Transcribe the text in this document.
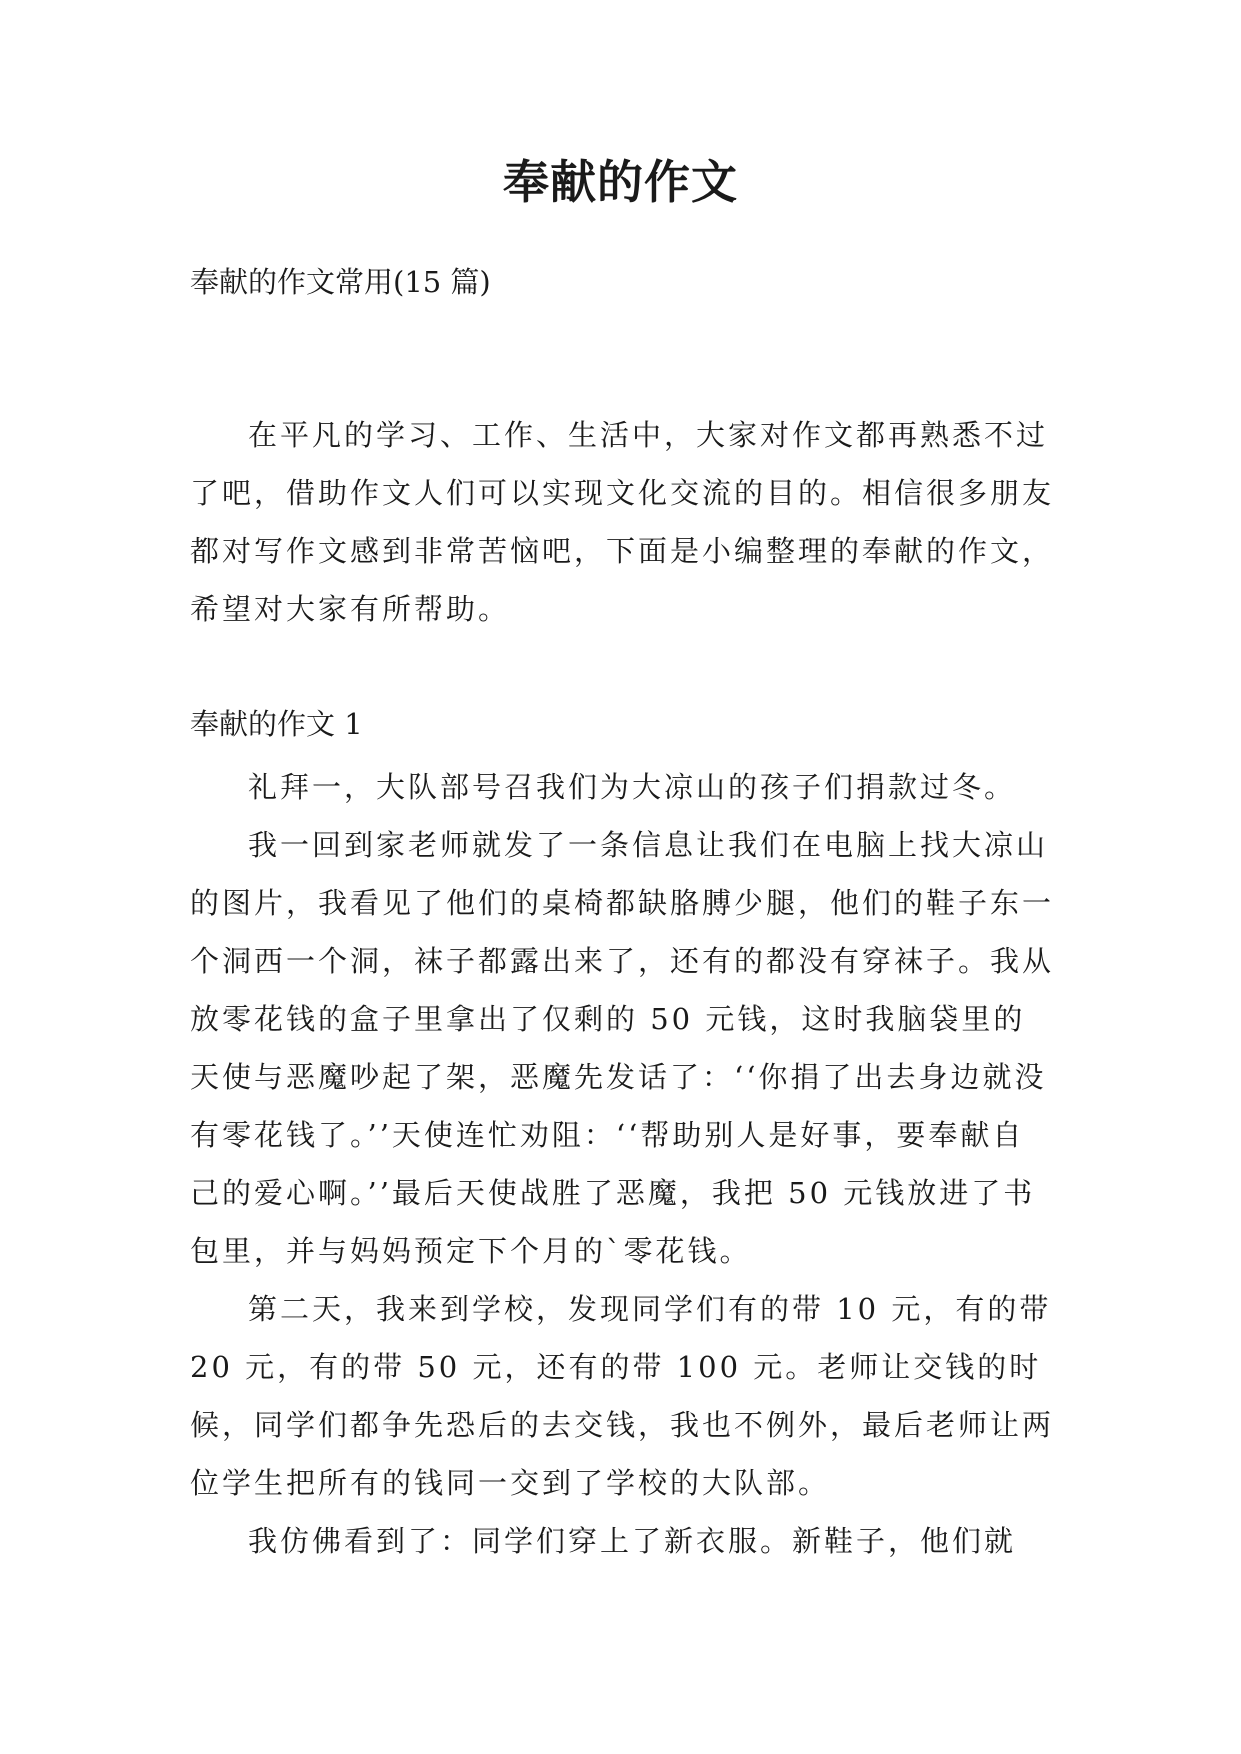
奉献的作文
奉献的作文常用(15 篇)

在平凡的学习、工作、生活中，大家对作文都再熟悉不过了吧，借助作文人们可以实现文化交流的目的。相信很多朋友都对写作文感到非常苦恼吧，下面是小编整理的奉献的作文，希望对大家有所帮助。

奉献的作文 1

礼拜一，大队部号召我们为大凉山的孩子们捐款过冬。

我一回到家老师就发了一条信息让我们在电脑上找大凉山的图片，我看见了他们的桌椅都缺胳膊少腿，他们的鞋子东一个洞西一个洞，袜子都露出来了，还有的都没有穿袜子。我从放零花钱的盒子里拿出了仅剩的 50 元钱，这时我脑袋里的天使与恶魔吵起了架，恶魔先发话了：‘‘你捐了出去身边就没有零花钱了。’’天使连忙劝阻：‘‘帮助别人是好事，要奉献自己的爱心啊。’’最后天使战胜了恶魔，我把 50 元钱放进了书包里，并与妈妈预定下个月的`零花钱。

第二天，我来到学校，发现同学们有的带 10 元，有的带 20 元，有的带 50 元，还有的带 100 元。老师让交钱的时候，同学们都争先恐后的去交钱，我也不例外，最后老师让两位学生把所有的钱同一交到了学校的大队部。

我仿佛看到了：同学们穿上了新衣服。新鞋子，他们就
